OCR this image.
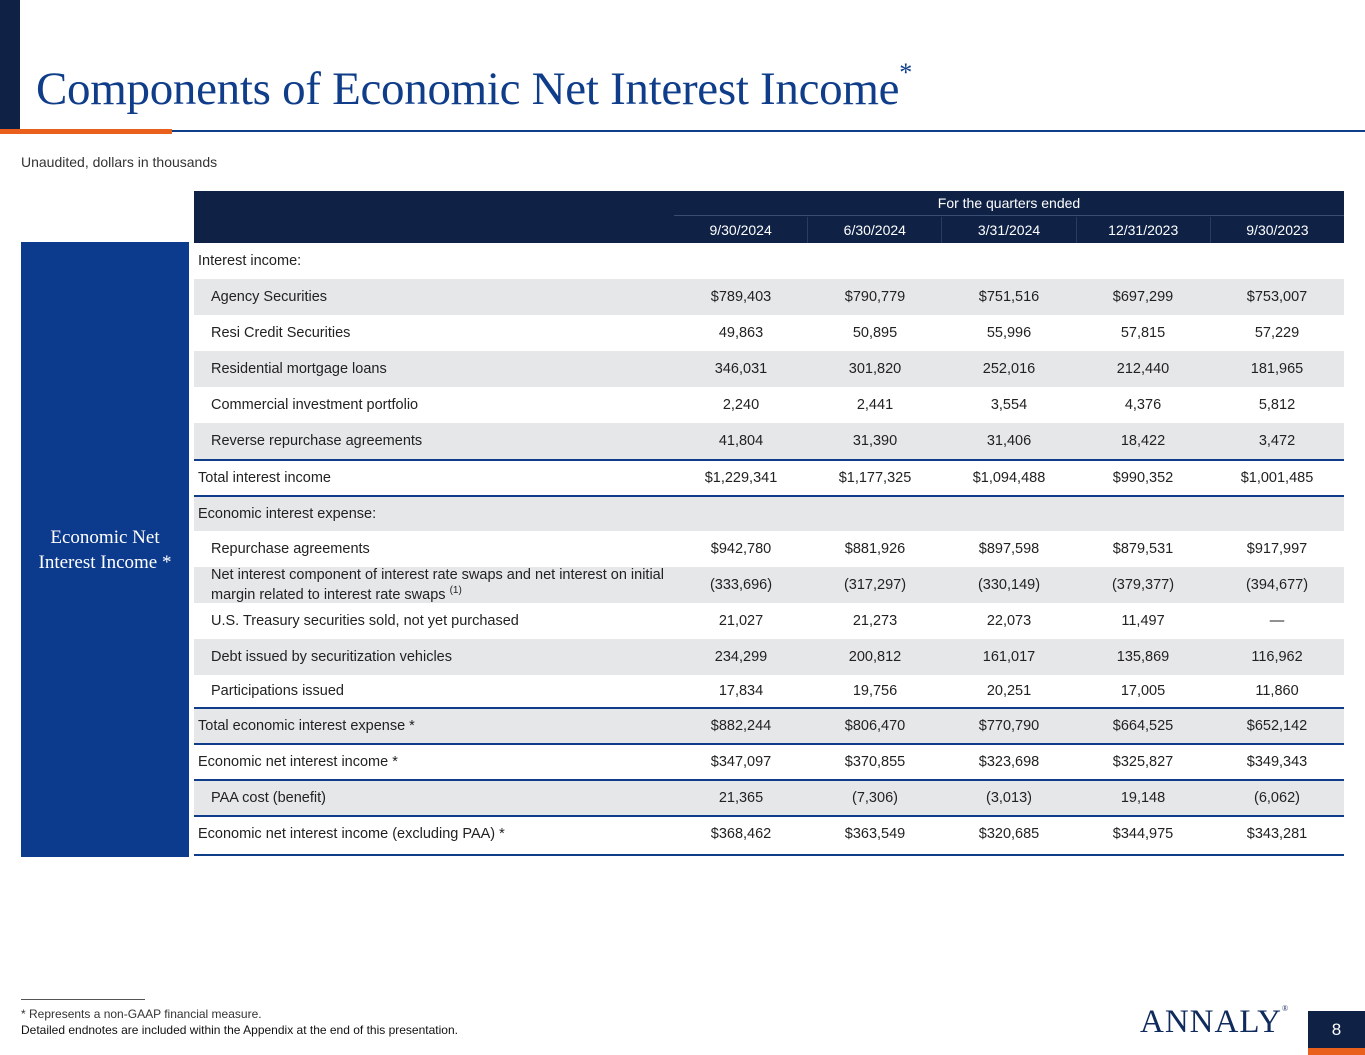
Components of Economic Net Interest Income*
Unaudited, dollars in thousands
Economic Net Interest Income *
For the quarters ended
9/30/2024	6/30/2024	3/31/2024	12/31/2023	9/30/2023
Interest income:
Agency Securities	$789,403	$790,779	$751,516	$697,299	$753,007
Resi Credit Securities	49,863	50,895	55,996	57,815	57,229
Residential mortgage loans	346,031	301,820	252,016	212,440	181,965
Commercial investment portfolio	2,240	2,441	3,554	4,376	5,812
Reverse repurchase agreements	41,804	31,390	31,406	18,422	3,472
Total interest income	$1,229,341	$1,177,325	$1,094,488	$990,352	$1,001,485
Economic interest expense:
Repurchase agreements	$942,780	$881,926	$897,598	$879,531	$917,997
Net interest component of interest rate swaps and net interest on initial margin related to interest rate swaps $^{(1)}$	(333,696)	(317,297)	(330,149)	(379,377)	(394,677)
U.S. Treasury securities sold, not yet purchased	21,027	21,273	22,073	11,497	—
Debt issued by securitization vehicles	234,299	200,812	161,017	135,869	116,962
Participations issued	17,834	19,756	20,251	17,005	11,860
Total economic interest expense *	$882,244	$806,470	$770,790	$664,525	$652,142
Economic net interest income *	$347,097	$370,855	$323,698	$325,827	$349,343
PAA cost (benefit)	21,365	(7,306)	(3,013)	19,148	(6,062)
Economic net interest income (excluding PAA) *	$368,462	$363,549	$320,685	$344,975	$343,281
* Represents a non-GAAP financial measure.
Detailed endnotes are included within the Appendix at the end of this presentation.	ANNALY®
8
